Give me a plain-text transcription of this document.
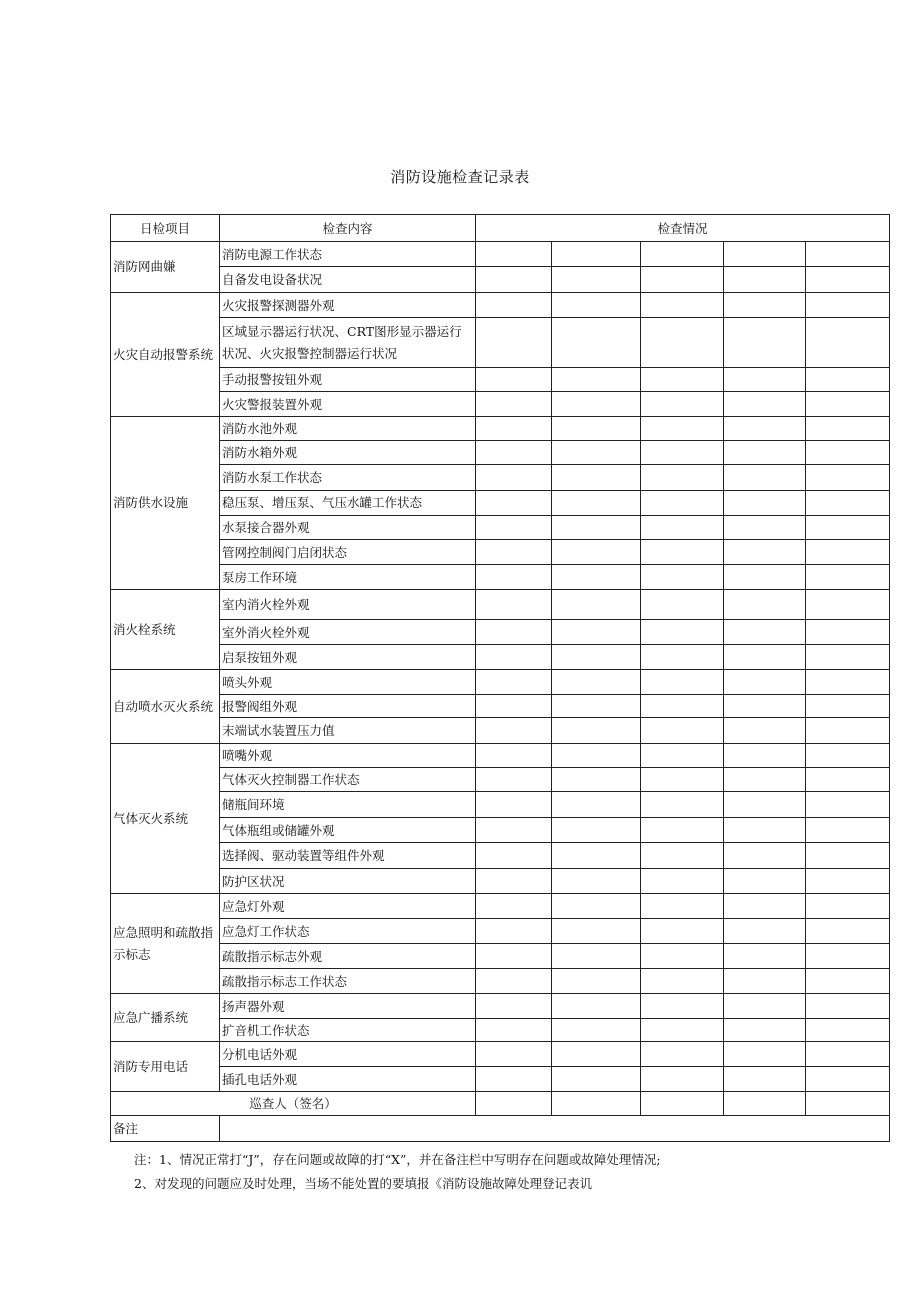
消防设施检查记录表
日检项目	检查内容	检查情况				
消防网曲嫌	消防电源工作状态					
	自备发电设备状况					
火灾自动报警系统	火灾报警探测器外观					
	区域显示器运行状况、CRT图形显示器运行状况、火灾报警控制器运行状况					
	手动报警按钮外观					
	火灾警报装置外观					
消防供水设施	消防水池外观					
	消防水箱外观					
	消防水泵工作状态					
	稳压泵、增压泵、气压水罐工作状态					
	水泵接合器外观					
	管网控制阀门启闭状态					
	泵房工作环境					
消火栓系统	室内消火栓外观					
	室外消火栓外观					
	启泵按钮外观					
自动喷水灭火系统	喷头外观					
	报警阀组外观					
	末端试水装置压力值					
气体灭火系统	喷嘴外观					
	气体灭火控制器工作状态					
	储瓶间环境					
	气体瓶组或储罐外观					
	选择阀、驱动装置等组件外观					
	防护区状况					
应急照明和疏散指示标志	应急灯外观					
	应急灯工作状态					
	疏散指示标志外观					
	疏散指示标志工作状态					
应急广播系统	扬声器外观					
	扩音机工作状态					
消防专用电话	分机电话外观					
	插孔电话外观					
巡查人（签名）						
备注						
注：1、情况正常打“J”，存在问题或故障的打“X”，并在备注栏中写明存在问题或故障处理情况;
2、对发现的问题应及时处理，当场不能处置的要填报《消防设施故障处理登记表讥
